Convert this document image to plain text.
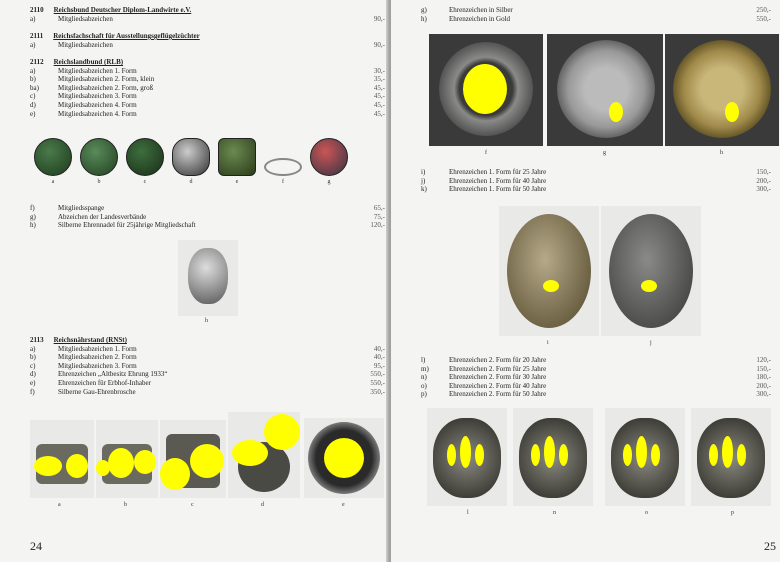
2110 Reichsbund Deutscher Diplom-Landwirte e.V.
a)	Mitgliedsabzeichen	90,-
2111 Reichsfachschaft für Ausstellungsgeflügelzüchter
a)	Mitgliedsabzeichen	90,-
2112 Reichslandbund (RLB)
a)	Mitgliedsabzeichen 1. Form	30,-
b)	Mitgliedsabzeichen 2. Form, klein	35,-
ba)	Mitgliedsabzeichen 2. Form, groß	45,-
c)	Mitgliedsabzeichen 3. Form	45,-
d)	Mitgliedsabzeichen 4. Form	45,-
e)	Mitgliedsabzeichen 4. Form	45,-
a	b	c	d	e	f	g
f)	Mitgliedsspange	65,-
g)	Abzeichen der Landesverbände	75,-
h)	Silberne Ehrennadel für 25jährige Mitgliedschaft	120,-
h
2113 Reichsnährstand (RNSt)
a)	Mitgliedsabzeichen 1. Form	40,-
b)	Mitgliedsabzeichen 2. Form	40,-
c)	Mitgliedsabzeichen 3. Form	95,-
d)	Ehrenzeichen „Altbesitz Ehrung 1933“	550,-
e)	Ehrenzeichen für Erbhof-Inhaber	550,-
f)	Silberne Gau-Ehrenbrosche	350,-
a	b	c	d	e
24
g)	Ehrenzeichen in Silber	250,-
h)	Ehrenzeichen in Gold	550,-
f	g	h
i)	Ehrenzeichen 1. Form für 25 Jahre	150,-
j)	Ehrenzeichen 1. Form für 40 Jahre	200,-
k)	Ehrenzeichen 1. Form für 50 Jahre	300,-
i	j
l)	Ehrenzeichen 2. Form für 20 Jahre	120,-
m)	Ehrenzeichen 2. Form für 25 Jahre	150,-
n)	Ehrenzeichen 2. Form für 30 Jahre	180,-
o)	Ehrenzeichen 2. Form für 40 Jahre	200,-
p)	Ehrenzeichen 2. Form für 50 Jahre	300,-
l	n	o	p
25
